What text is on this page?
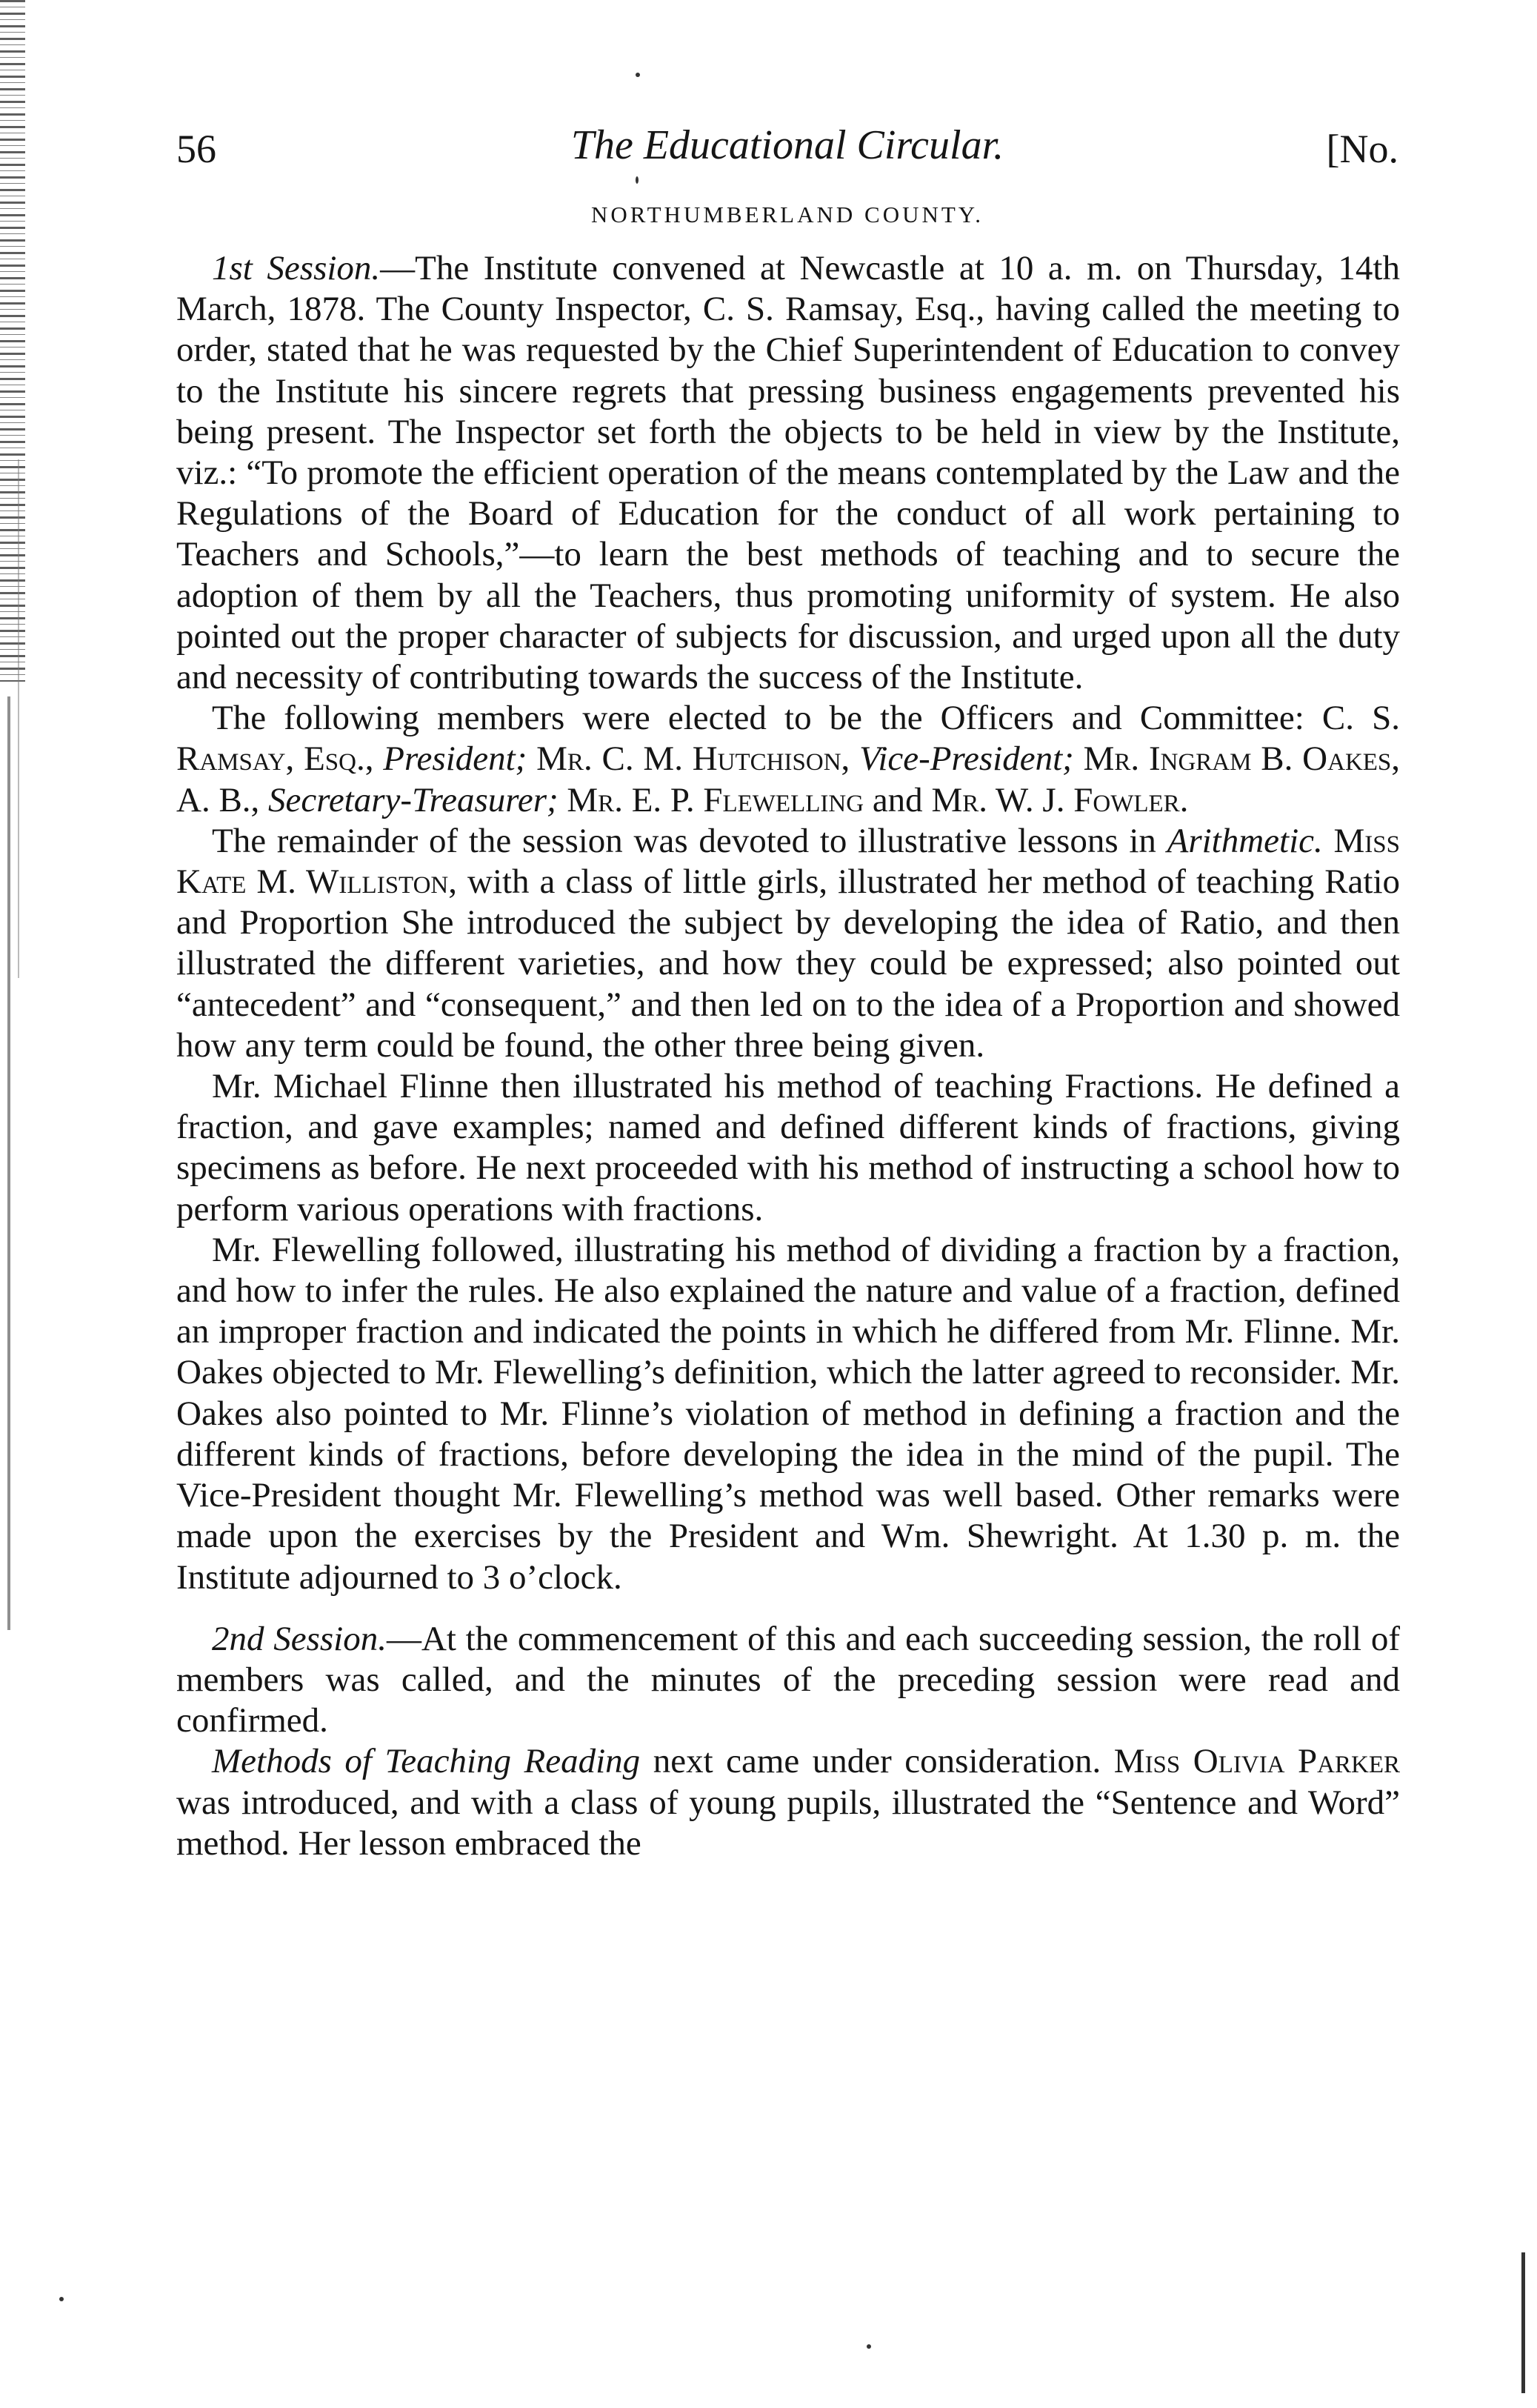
56	The Educational Circular.	[No.
NORTHUMBERLAND COUNTY.

1st Session.—The Institute convened at Newcastle at 10 a. m. on Thursday, 14th March, 1878. The County Inspector, C. S. Ramsay, Esq., having called the meeting to order, stated that he was requested by the Chief Superintendent of Education to convey to the Institute his sincere regrets that pressing business engagements prevented his being present. The Inspector set forth the objects to be held in view by the Institute, viz.: “To promote the efficient operation of the means contemplated by the Law and the Regulations of the Board of Education for the conduct of all work pertaining to Teachers and Schools,”—to learn the best methods of teaching and to secure the adoption of them by all the Teachers, thus promoting uniformity of system. He also pointed out the proper character of subjects for discussion, and urged upon all the duty and necessity of contributing towards the success of the Institute.

The following members were elected to be the Officers and Committee: C. S. Ramsay, Esq., President; Mr. C. M. Hutchison, Vice-President; Mr. Ingram B. Oakes, A. B., Secretary-Treasurer; Mr. E. P. Flewelling and Mr. W. J. Fowler.

The remainder of the session was devoted to illustrative lessons in Arithmetic. Miss Kate M. Williston, with a class of little girls, illustrated her method of teaching Ratio and Proportion She introduced the subject by developing the idea of Ratio, and then illustrated the different varieties, and how they could be expressed; also pointed out “antecedent” and “consequent,” and then led on to the idea of a Proportion and showed how any term could be found, the other three being given.

Mr. Michael Flinne then illustrated his method of teaching Fractions. He defined a fraction, and gave examples; named and defined different kinds of fractions, giving specimens as before. He next proceeded with his method of instructing a school how to perform various operations with fractions.

Mr. Flewelling followed, illustrating his method of dividing a fraction by a fraction, and how to infer the rules. He also explained the nature and value of a fraction, defined an improper fraction and indicated the points in which he differed from Mr. Flinne. Mr. Oakes objected to Mr. Flewelling’s definition, which the latter agreed to reconsider. Mr. Oakes also pointed to Mr. Flinne’s violation of method in defining a fraction and the different kinds of fractions, before developing the idea in the mind of the pupil. The Vice-President thought Mr. Flewelling’s method was well based. Other remarks were made upon the exercises by the President and Wm. Shewright. At 1.30 p. m. the Institute adjourned to 3 o’clock.

2nd Session.—At the commencement of this and each succeeding session, the roll of members was called, and the minutes of the preceding session were read and confirmed.

Methods of Teaching Reading next came under consideration. Miss Olivia Parker was introduced, and with a class of young pupils, illustrated the “Sentence and Word” method. Her lesson embraced the
